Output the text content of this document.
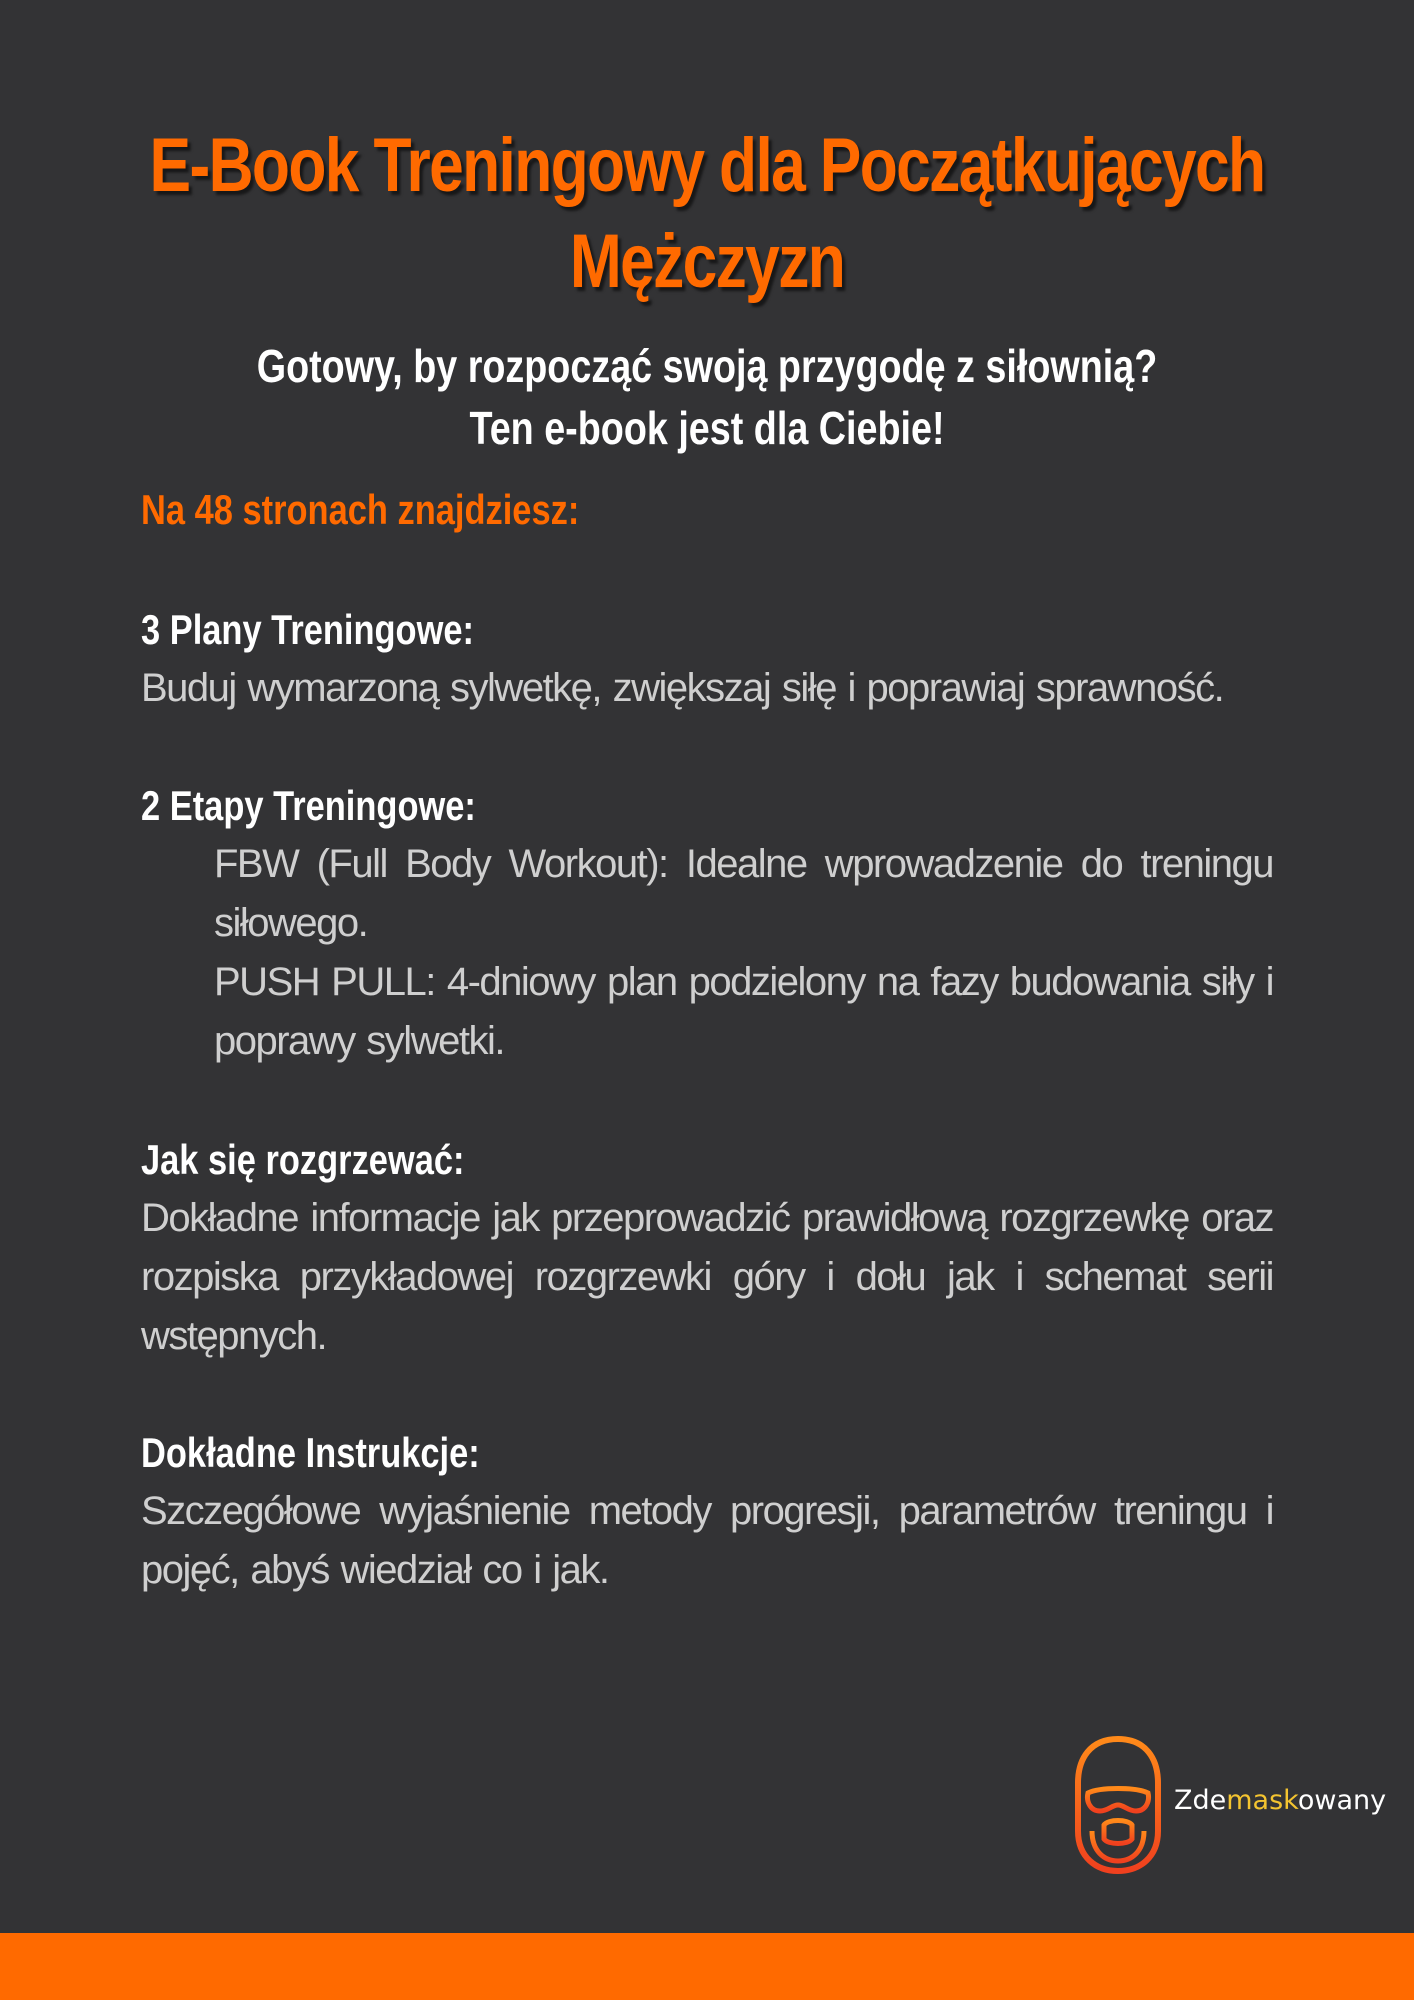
E-Book Treningowy dla Początkujących Mężczyzn
Gotowy, by rozpocząć swoją przygodę z siłownią?
Ten e-book jest dla Ciebie!
Na 48 stronach znajdziesz:
3 Plany Treningowe:
Buduj wymarzoną sylwetkę, zwiększaj siłę i poprawiaj sprawność.
2 Etapy Treningowe:
FBW (Full Body Workout): Idealne wprowadzenie do treningu siłowego.
PUSH PULL: 4-dniowy plan podzielony na fazy budowania siły i poprawy sylwetki.
Jak się rozgrzewać:
Dokładne informacje jak przeprowadzić prawidłową rozgrzewkę oraz rozpiska przykładowej rozgrzewki góry i dołu jak i schemat serii wstępnych.
Dokładne Instrukcje:
Szczegółowe wyjaśnienie metody progresji, parametrów treningu i pojęć, abyś wiedział co i jak.
Zdemaskowany
